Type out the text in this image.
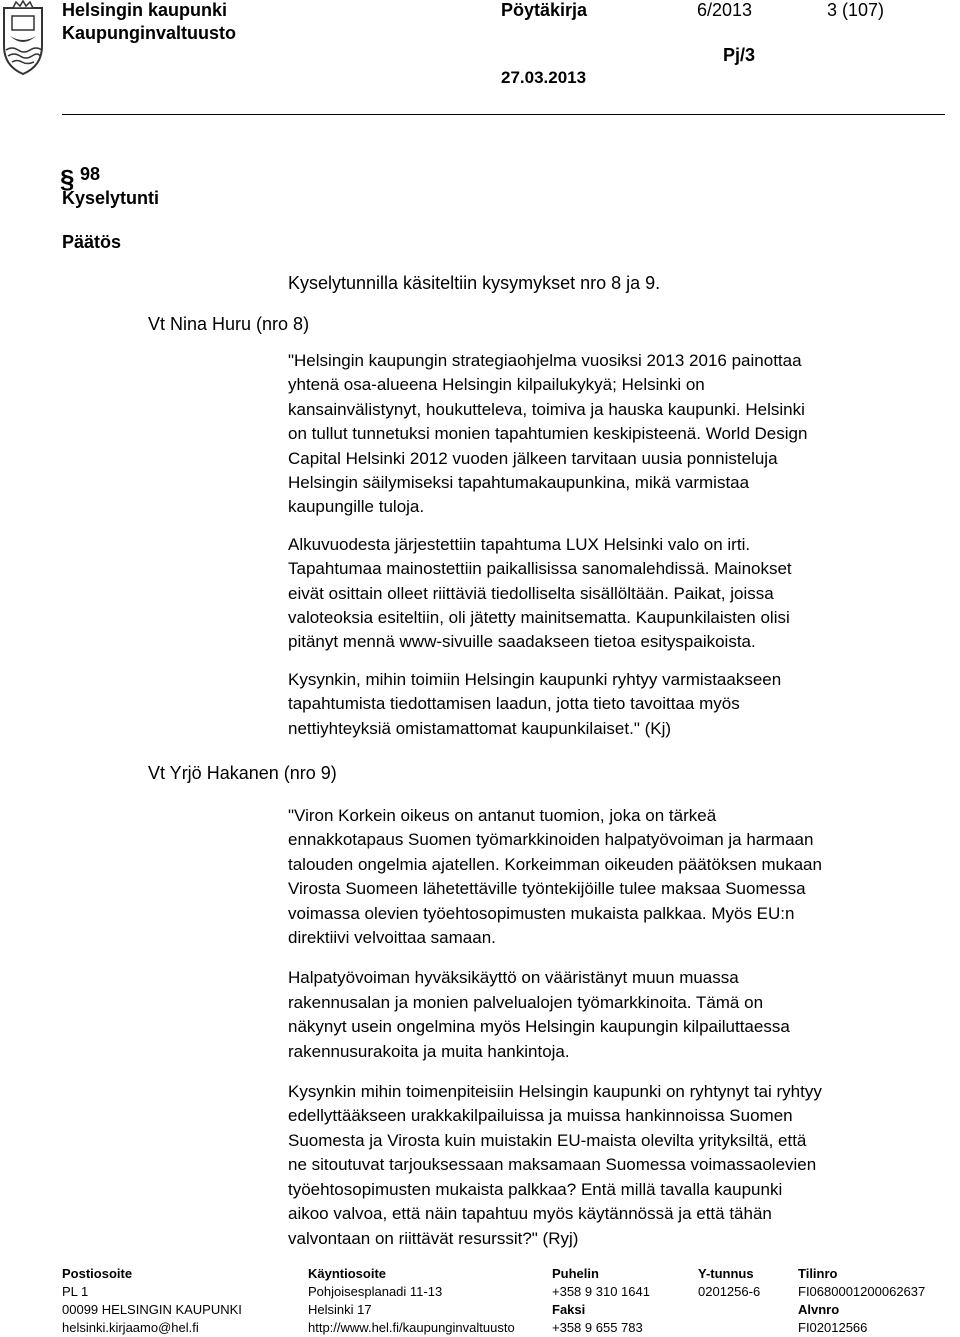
Helsingin kaupunki
Kaupunginvaltuusto
Pöytäkirja	6/2013	3 (107)
Pj/3
27.03.2013
§ 98
Kyselytunti
Päätös
Kyselytunnilla käsiteltiin kysymykset nro 8 ja 9.
Vt Nina Huru (nro 8)

"Helsingin kaupungin strategiaohjelma vuosiksi 2013 2016 painottaa
yhtenä osa-alueena Helsingin kilpailukykyä; Helsinki on
kansainvälistynyt, houkutteleva, toimiva ja hauska kaupunki. Helsinki
on tullut tunnetuksi monien tapahtumien keskipisteenä. World Design
Capital Helsinki 2012 vuoden jälkeen tarvitaan uusia ponnisteluja
Helsingin säilymiseksi tapahtumakaupunkina, mikä varmistaa
kaupungille tuloja.

Alkuvuodesta järjestettiin tapahtuma LUX Helsinki valo on irti.
Tapahtumaa mainostettiin paikallisissa sanomalehdissä. Mainokset
eivät osittain olleet riittäviä tiedolliselta sisällöltään. Paikat, joissa
valoteoksia esiteltiin, oli jätetty mainitsematta. Kaupunkilaisten olisi
pitänyt mennä www-sivuille saadakseen tietoa esityspaikoista.

Kysynkin, mihin toimiin Helsingin kaupunki ryhtyy varmistaakseen
tapahtumista tiedottamisen laadun, jotta tieto tavoittaa myös
nettiyhteyksiä omistamattomat kaupunkilaiset." (Kj)

Vt Yrjö Hakanen (nro 9)

"Viron Korkein oikeus on antanut tuomion, joka on tärkeä
ennakkotapaus Suomen työmarkkinoiden halpatyövoiman ja harmaan
talouden ongelmia ajatellen. Korkeimman oikeuden päätöksen mukaan
Virosta Suomeen lähetettäville työntekijöille tulee maksaa Suomessa
voimassa olevien työehtosopimusten mukaista palkkaa. Myös EU:n
direktiivi velvoittaa samaan.

Halpatyövoiman hyväksikäyttö on vääristänyt muun muassa
rakennusalan ja monien palvelualojen työmarkkinoita. Tämä on
näkynyt usein ongelmina myös Helsingin kaupungin kilpailuttaessa
rakennusurakoita ja muita hankintoja.

Kysynkin mihin toimenpiteisiin Helsingin kaupunki on ryhtynyt tai ryhtyy
edellyttääkseen urakkakilpailuissa ja muissa hankinnoissa Suomen
Suomesta ja Virosta kuin muistakin EU-maista olevilta yrityksiltä, että
ne sitoutuvat tarjouksessaan maksamaan Suomessa voimassaolevien
työehtosopimusten mukaista palkkaa? Entä millä tavalla kaupunki
aikoo valvoa, että näin tapahtuu myös käytännössä ja että tähän
valvontaan on riittävät resurssit?" (Ryj)

Postiosoite
PL 1
00099 HELSINGIN KAUPUNKI
helsinki.kirjaamo@hel.fi
Käyntiosoite
Pohjoisesplanadi 11-13
Helsinki 17
http://www.hel.fi/kaupunginvaltuusto
Puhelin
+358 9 310 1641
Faksi
+358 9 655 783
Y-tunnus
0201256-6
Tilinro
FI0680001200062637
Alvnro
FI02012566
